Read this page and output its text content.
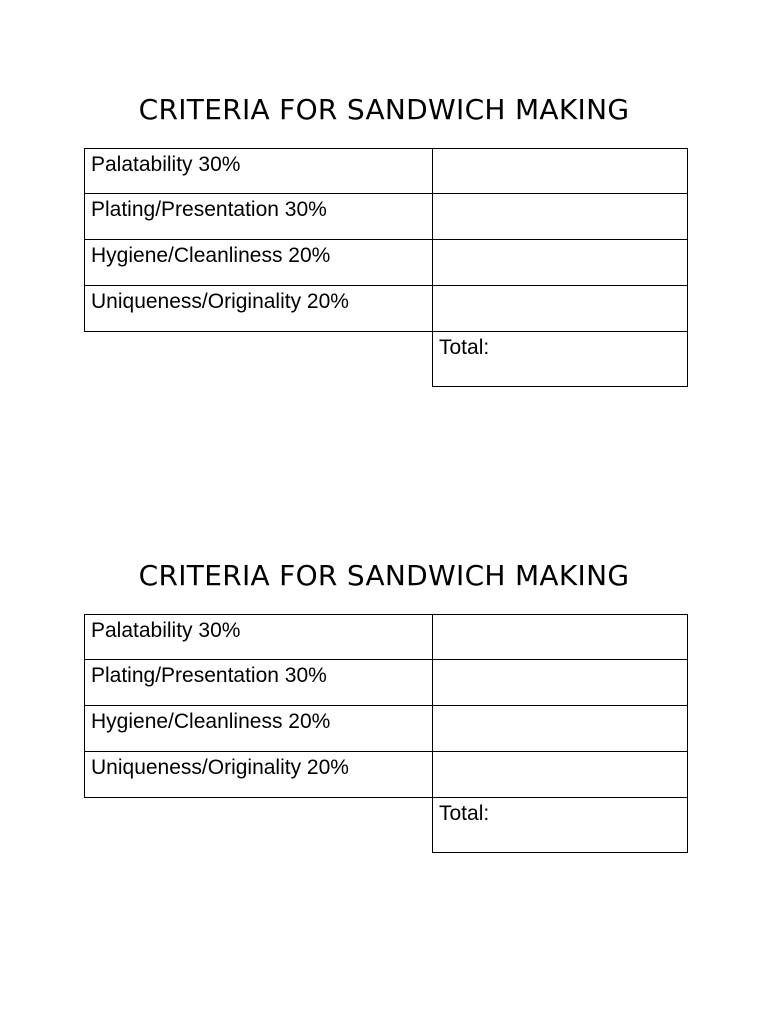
CRITERIA FOR SANDWICH MAKING
Palatability 30%
Plating/Presentation 30%
Hygiene/Cleanliness 20%
Uniqueness/Originality 20%
Total:
CRITERIA FOR SANDWICH MAKING
Palatability 30%
Plating/Presentation 30%
Hygiene/Cleanliness 20%
Uniqueness/Originality 20%
Total:
